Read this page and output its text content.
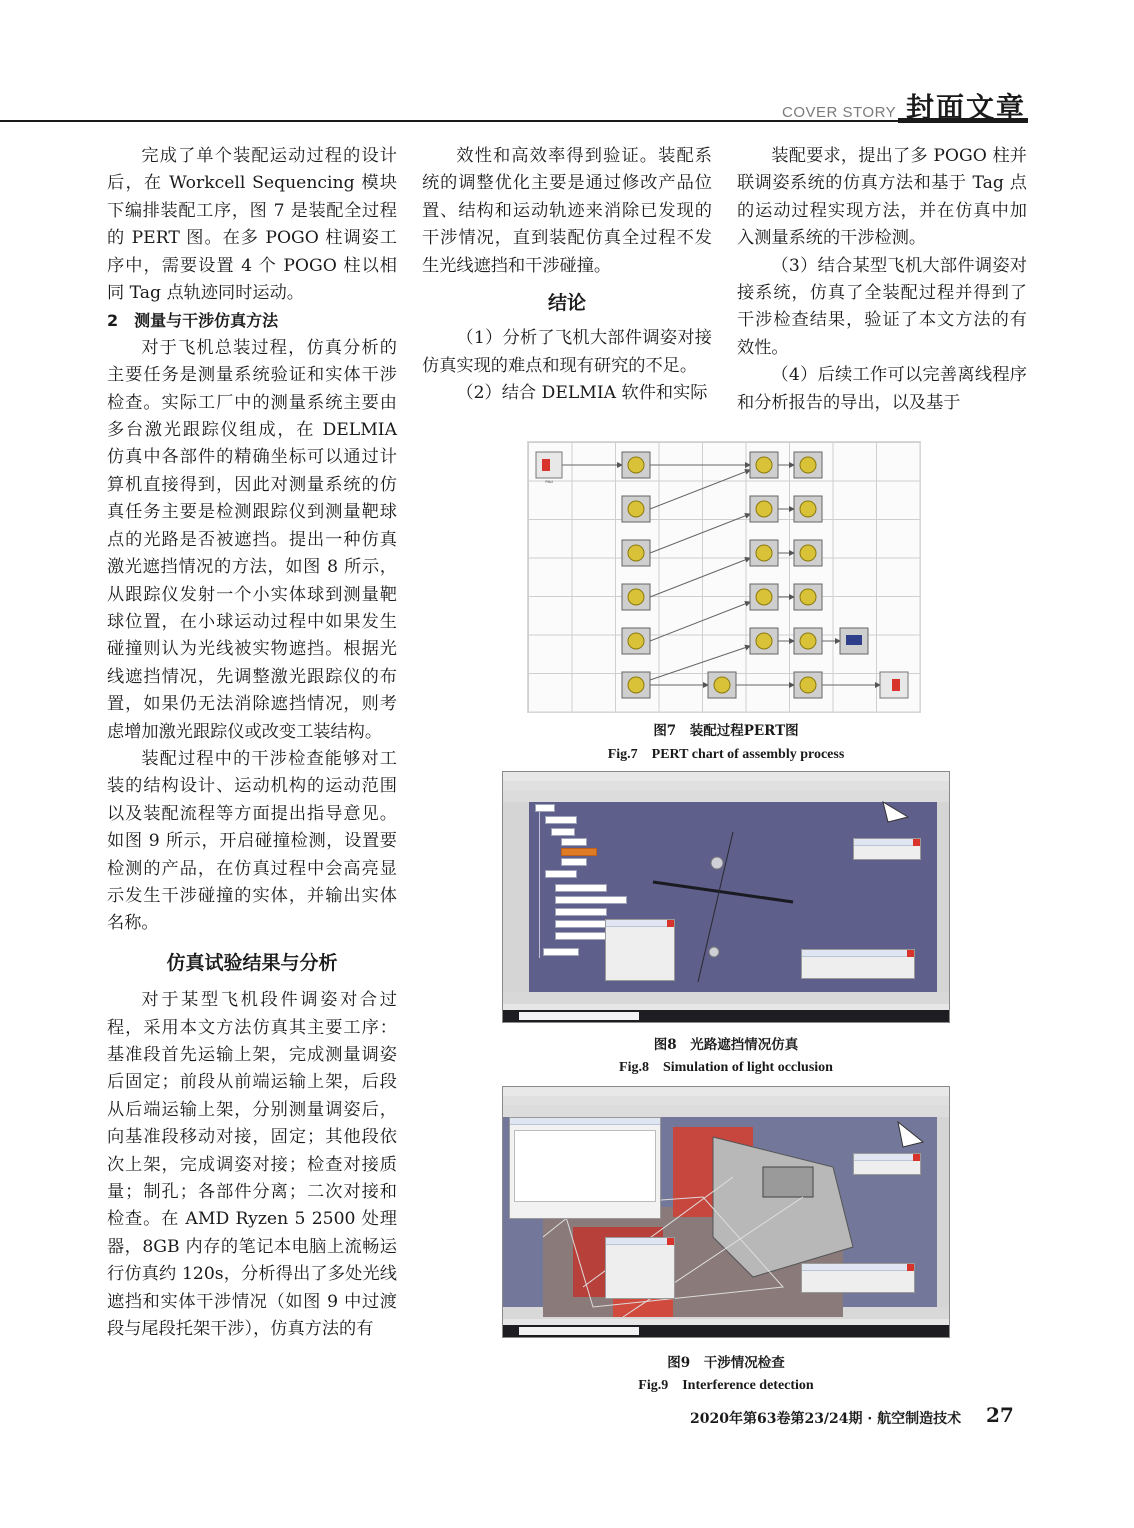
COVER STORY 封面文章

完成了单个装配运动过程的设计后，在 Workcell Sequencing 模块下编排装配工序，图 7 是装配全过程的 PERT 图。在多 POGO 柱调姿工序中，需要设置 4 个 POGO 柱以相同 Tag 点轨迹同时运动。

2　测量与干涉仿真方法

对于飞机总装过程，仿真分析的主要任务是测量系统验证和实体干涉检查。实际工厂中的测量系统主要由多台激光跟踪仪组成，在 DELMIA 仿真中各部件的精确坐标可以通过计算机直接得到，因此对测量系统的仿真任务主要是检测跟踪仪到测量靶球点的光路是否被遮挡。提出一种仿真激光遮挡情况的方法，如图 8 所示，从跟踪仪发射一个小实体球到测量靶球位置，在小球运动过程中如果发生碰撞则认为光线被实物遮挡。根据光线遮挡情况，先调整激光跟踪仪的布置，如果仍无法消除遮挡情况，则考虑增加激光跟踪仪或改变工装结构。

装配过程中的干涉检查能够对工装的结构设计、运动机构的运动范围以及装配流程等方面提出指导意见。如图 9 所示，开启碰撞检测，设置要检测的产品，在仿真过程中会高亮显示发生干涉碰撞的实体，并输出实体名称。

仿真试验结果与分析

对于某型飞机段件调姿对合过程，采用本文方法仿真其主要工序：基准段首先运输上架，完成测量调姿后固定；前段从前端运输上架，后段从后端运输上架，分别测量调姿后，向基准段移动对接，固定；其他段依次上架，完成调姿对接；检查对接质量；制孔；各部件分离；二次对接和检查。在 AMD Ryzen 5 2500 处理器，8GB 内存的笔记本电脑上流畅运行仿真约 120s，分析得出了多处光线遮挡和实体干涉情况（如图 9 中过渡段与尾段托架干涉），仿真方法的有

效性和高效率得到验证。装配系统的调整优化主要是通过修改产品位置、结构和运动轨迹来消除已发现的干涉情况，直到装配仿真全过程不发生光线遮挡和干涉碰撞。

结论

（1）分析了飞机大部件调姿对接仿真实现的难点和现有研究的不足。

（2）结合 DELMIA 软件和实际

装配要求，提出了多 POGO 柱并联调姿系统的仿真方法和基于 Tag 点的运动过程实现方法，并在仿真中加入测量系统的干涉检测。

（3）结合某型飞机大部件调姿对接系统，仿真了全装配过程并得到了干涉检查结果，验证了本文方法的有效性。

（4）后续工作可以完善离线程序和分析报告的导出，以及基于

PAd
图7　装配过程PERT图
Fig.7　PERT chart of assembly process
图8　光路遮挡情况仿真
Fig.8　Simulation of light occlusion
图9　干涉情况检查
Fig.9　Interference detection
2020年第63卷第23/24期 · 航空制造技术 27
